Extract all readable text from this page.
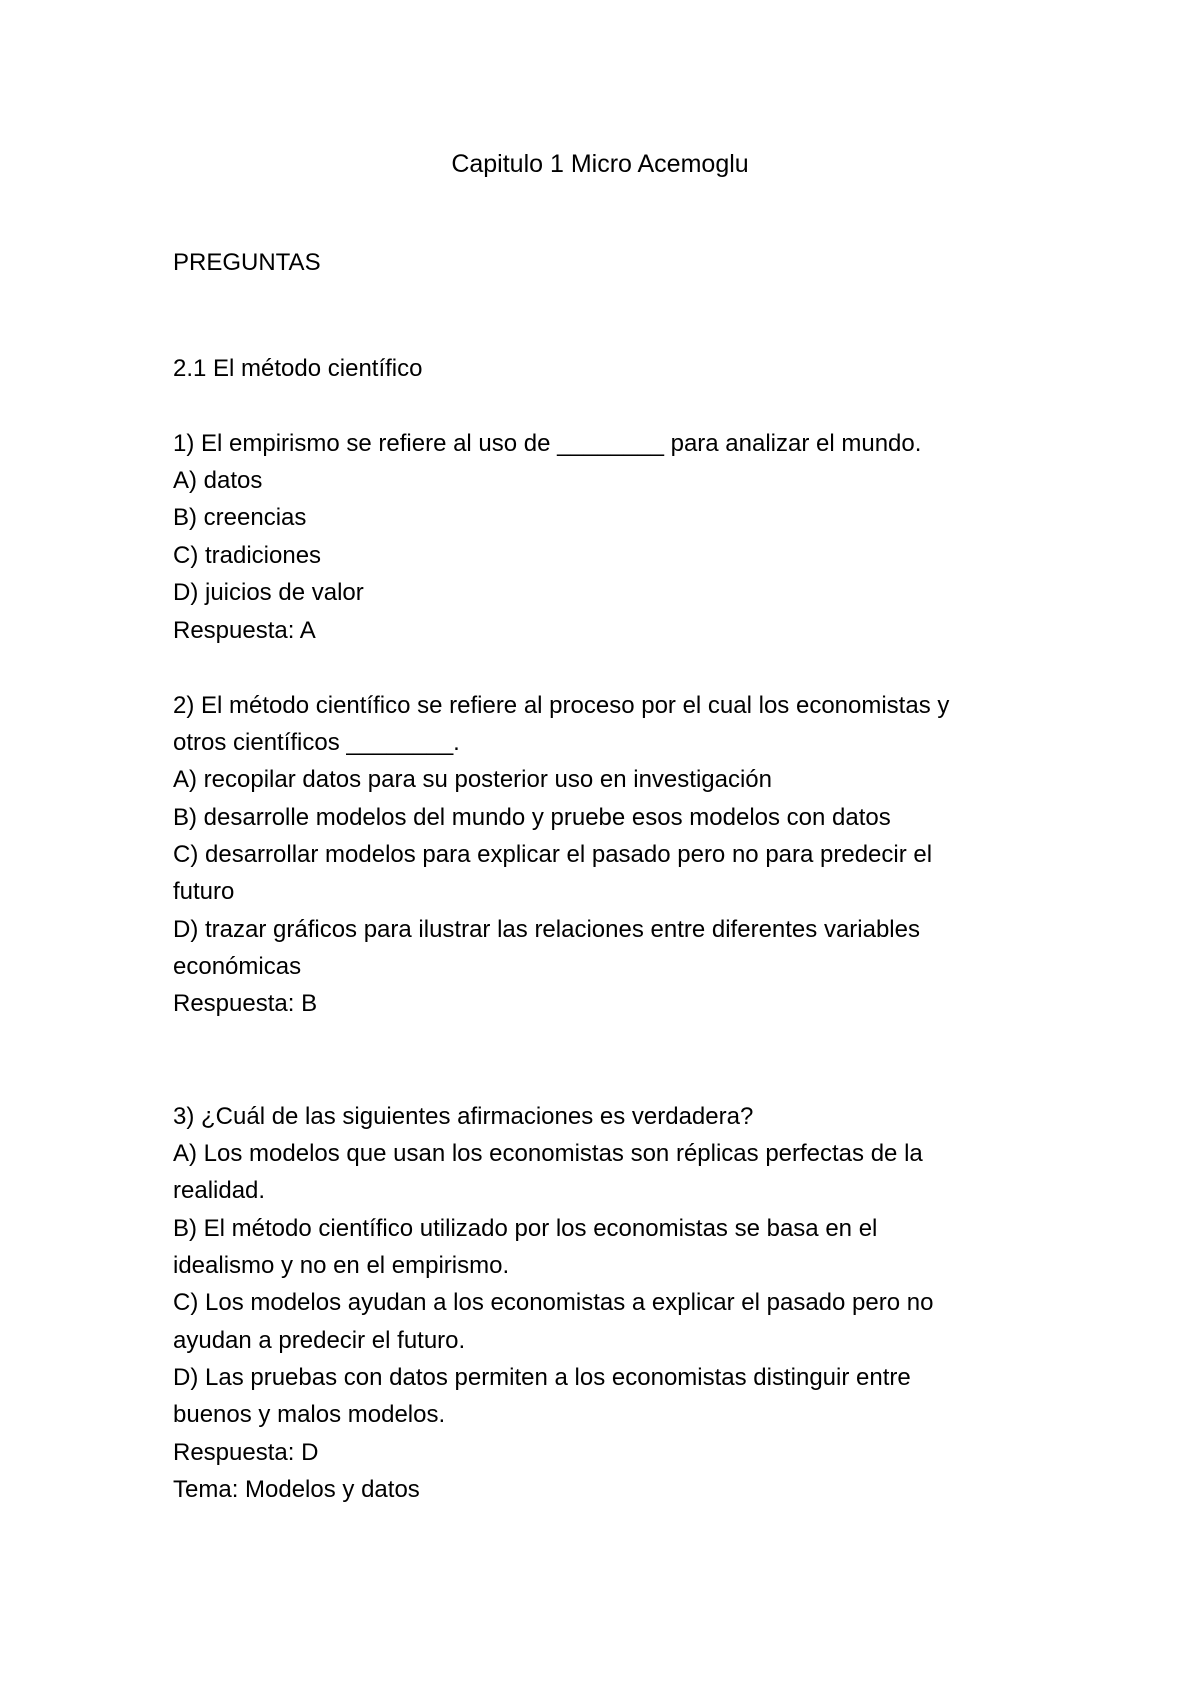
Capitulo 1 Micro Acemoglu
PREGUNTAS
2.1 El método científico
1) El empirismo se refiere al uso de ________ para analizar el mundo.
A) datos
B) creencias
C) tradiciones
D) juicios de valor
Respuesta: A
2) El método científico se refiere al proceso por el cual los economistas y
otros científicos ________.
A) recopilar datos para su posterior uso en investigación
B) desarrolle modelos del mundo y pruebe esos modelos con datos
C) desarrollar modelos para explicar el pasado pero no para predecir el
futuro
D) trazar gráficos para ilustrar las relaciones entre diferentes variables
económicas
Respuesta: B
3) ¿Cuál de las siguientes afirmaciones es verdadera?
A) Los modelos que usan los economistas son réplicas perfectas de la
realidad.
B) El método científico utilizado por los economistas se basa en el
idealismo y no en el empirismo.
C) Los modelos ayudan a los economistas a explicar el pasado pero no
ayudan a predecir el futuro.
D) Las pruebas con datos permiten a los economistas distinguir entre
buenos y malos modelos.
Respuesta: D
Tema: Modelos y datos
